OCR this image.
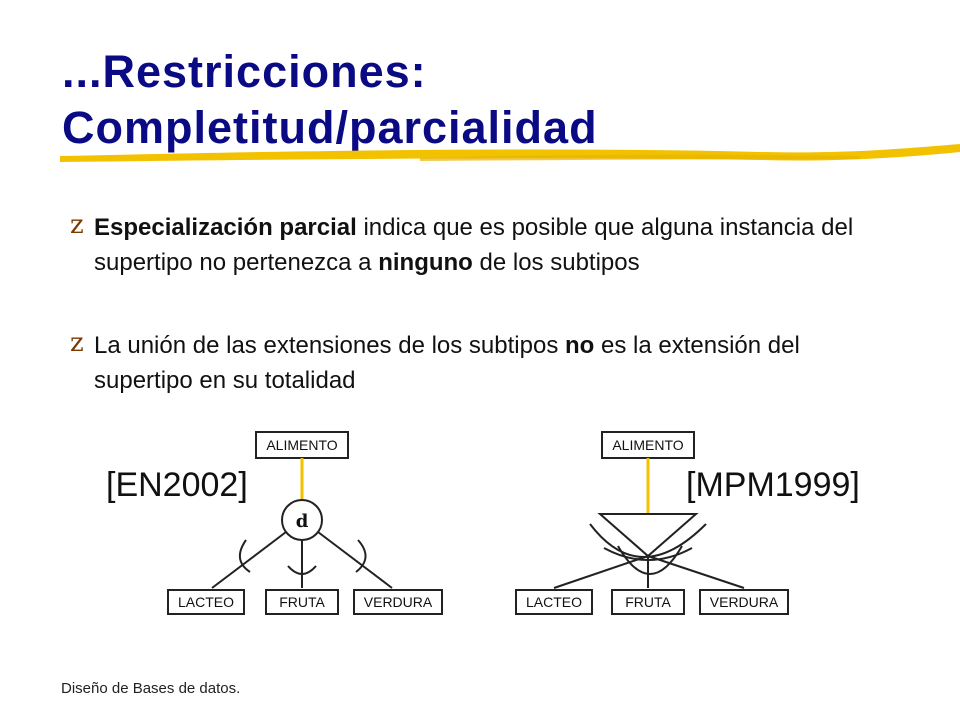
...Restricciones:
Completitud/parcialidad
z Especialización parcial indica que es posible que alguna instancia del supertipo no pertenezca a ninguno de los subtipos
z La unión de las extensiones de los subtipos no es la extensión del supertipo en su totalidad
[EN2002]	[MPM1999]
ALIMENTO
d
LACTEO	FRUTA	VERDURA
ALIMENTO
LACTEO	FRUTA	VERDURA
Diseño de Bases de datos.
